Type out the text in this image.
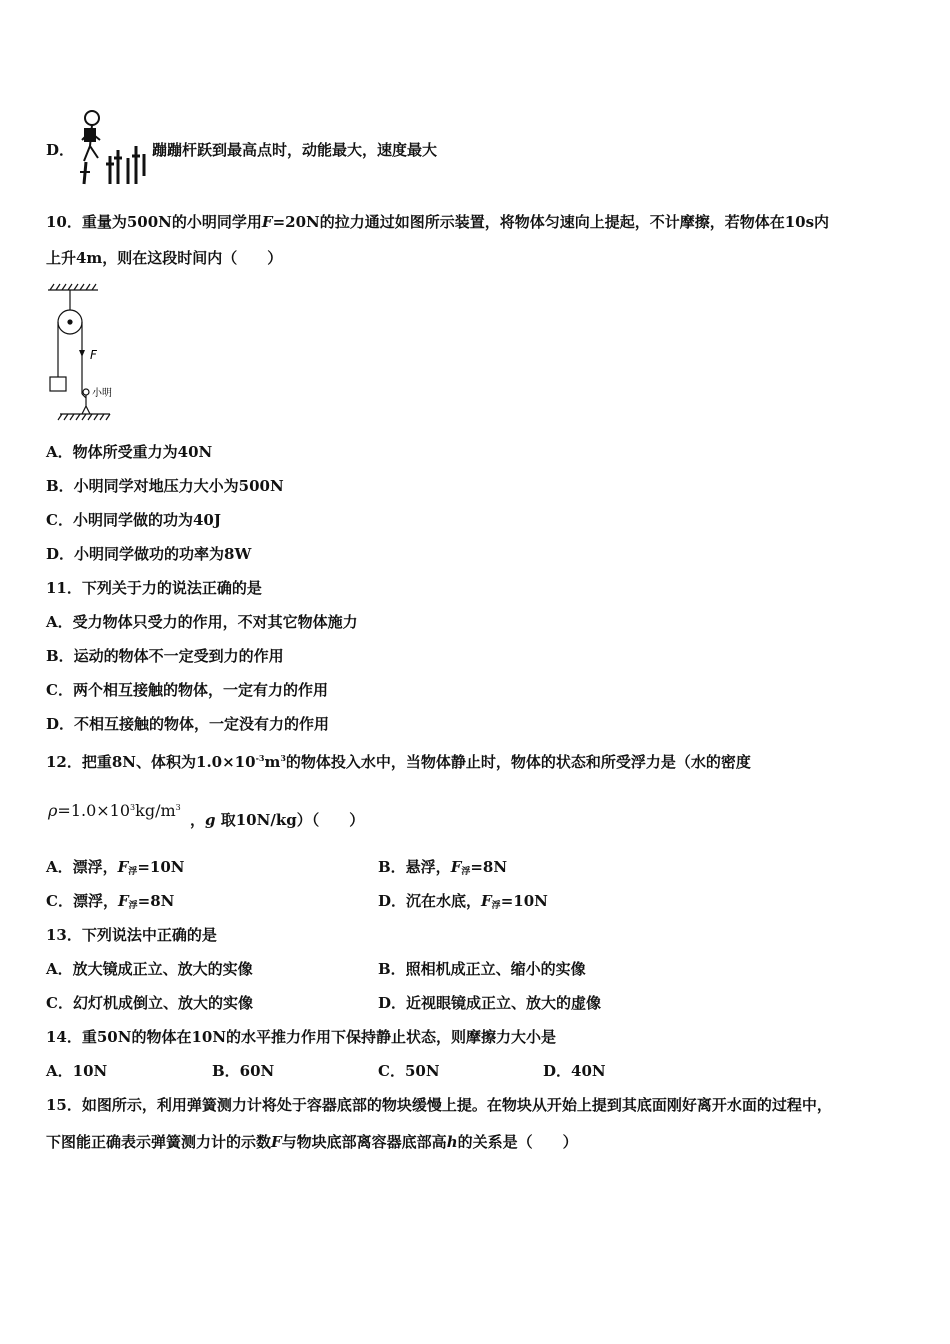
D．	蹦蹦杆跃到最高点时，动能最大，速度最大
10．重量为500N的小明同学用F=20N的拉力通过如图所示装置，将物体匀速向上提起，不计摩擦，若物体在10s内
上升4m，则在这段时间内（　　）
F
小明
A．物体所受重力为40N
B．小明同学对地压力大小为500N
C．小明同学做的功为40J
D．小明同学做功的功率为8W
11．下列关于力的说法正确的是
A．受力物体只受力的作用，不对其它物体施力
B．运动的物体不一定受到力的作用
C．两个相互接触的物体，一定有力的作用
D．不相互接触的物体，一定没有力的作用
12．把重8N、体积为$1.0\times 10^{-3}m^3$的物体投入水中，当物体静止时，物体的状态和所受浮力是（水的密度
$\rho=1.0\times 10^3kg/m^3$
，g 取10N/kg）（　　）
A．漂浮，$F_浮=10N$	B．悬浮，$F_浮=8N$
C．漂浮，$F_浮=8N$	D．沉在水底，$F_浮=10N$
13．下列说法中正确的是
A．放大镜成正立、放大的实像	B．照相机成正立、缩小的实像
C．幻灯机成倒立、放大的实像	D．近视眼镜成正立、放大的虚像
14．重50N的物体在10N的水平推力作用下保持静止状态，则摩擦力大小是
A．10N	B．60N	C．50N	D．40N
15．如图所示，利用弹簧测力计将处于容器底部的物块缓慢上提。在物块从开始上提到其底面刚好离开水面的过程中，
下图能正确表示弹簧测力计的示数F与物块底部离容器底部高h的关系是（　　）
